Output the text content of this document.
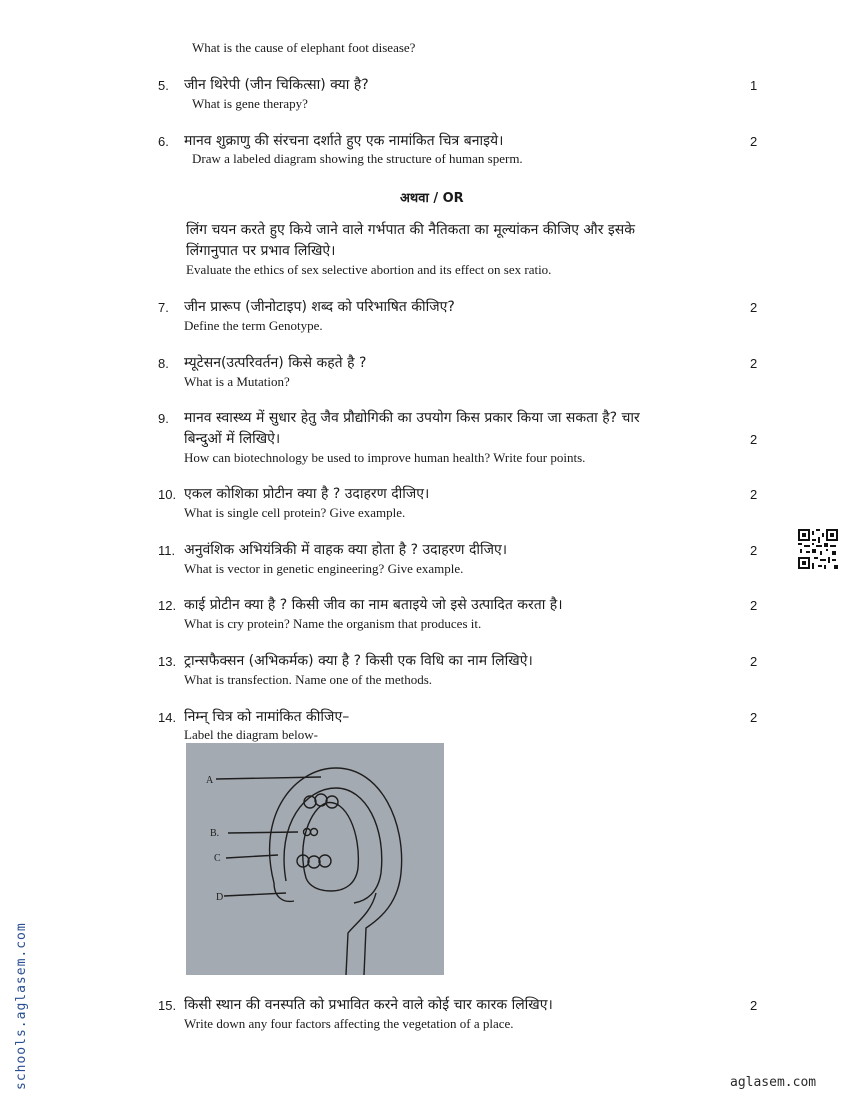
What is the cause of elephant foot disease?
5. जीन थिरेपी (जीन चिकित्सा) क्या है?	1
What is gene therapy?
6. मानव शुक्राणु की संरचना दर्शाते हुए एक नामांकित चित्र बनाइये।	2
Draw a labeled diagram showing the structure of human sperm.
अथवा / OR
लिंग चयन करते हुए किये जाने वाले गर्भपात की नैतिकता का मूल्यांकन कीजिए और इसके
लिंगानुपात पर प्रभाव लिखिऐ।
Evaluate the ethics of sex selective abortion and its effect on sex ratio.
7. जीन प्रारूप (जीनोटाइप) शब्द को परिभाषित कीजिए?	2
Define the term Genotype.
8. म्यूटेसन(उत्परिवर्तन) किसे कहते है ?	2
What is a Mutation?
9. मानव स्वास्थ्य में सुधार हेतु जैव प्रौद्योगिकी का उपयोग किस प्रकार किया जा सकता है? चार
बिन्दुओं में लिखिऐ।	2
How can biotechnology be used to improve human health? Write four points.
10. एकल कोशिका प्रोटीन क्या है ? उदाहरण दीजिए।	2
What is single cell protein? Give example.
11. अनुवंशिक अभियंत्रिकी में वाहक क्या होता है ? उदाहरण दीजिए।	2
What is vector in genetic engineering? Give example.
12. काई प्रोटीन क्या है ? किसी जीव का नाम बताइये जो इसे उत्पादित करता है।	2
What is cry protein? Name the organism that produces it.
13. ट्रान्सफैक्सन (अभिकर्मक) क्या है ? किसी एक विधि का नाम लिखिऐ।	2
What is transfection. Name one of the methods.
14. निम्न् चित्र को नामांकित कीजिए–	2
Label the diagram below-
A
B.
C
D
15. किसी स्थान की वनस्पति को प्रभावित करने वाले कोई चार कारक लिखिए।	2
Write down any four factors affecting the vegetation of a place.
schools.aglasem.com	aglasem.com
